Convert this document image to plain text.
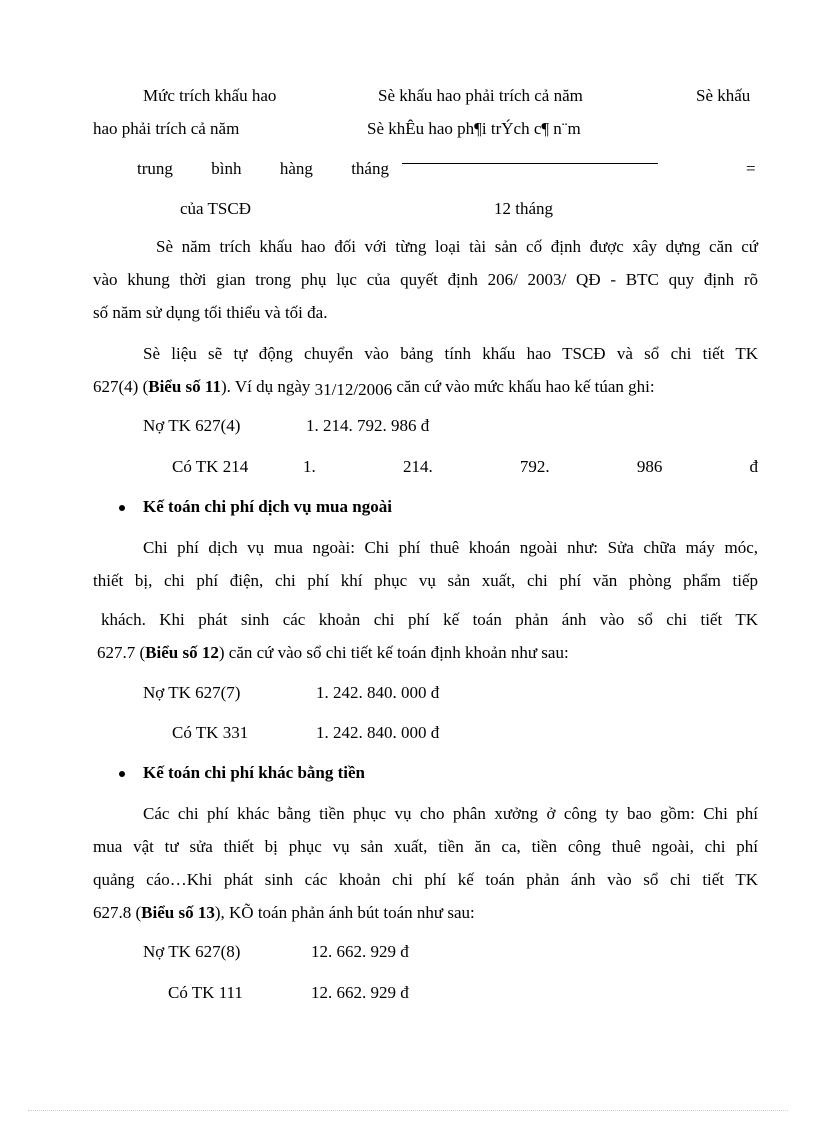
Mức trích khấu hao	Sè khấu hao phải trích cả năm	Sè khấu
hao phải trích cả năm	Sè khÊu hao ph¶i trÝch c¶ n¨m
trung bình hàng tháng	=
của TSCĐ	12 tháng
Sè năm trích khấu hao đối với từng loại tài sản cố định được xây dựng căn cứ
vào khung thời gian trong phụ lục của quyết định 206/ 2003/ QĐ - BTC quy định rõ
số năm sử dụng tối thiểu và tối đa.
Sè liệu sẽ tự động chuyển vào bảng tính khấu hao TSCĐ và sổ chi tiết TK
627(4) (Biểu số 11). Ví dụ ngày 31/12/2006 căn cứ vào mức khấu hao kế túan ghi:
Nợ TK 627(4)	1. 214. 792. 986 đ
Có TK 214	1.	214.	792.	986	đ
Kế toán chi phí dịch vụ mua ngoài
Chi phí dịch vụ mua ngoài: Chi phí thuê khoán ngoài như: Sửa chữa máy móc,
thiết bị, chi phí điện, chi phí khí phục vụ sản xuất, chi phí văn phòng phẩm tiếp
khách. Khi phát sinh các khoản chi phí kế toán phản ánh vào sổ chi tiết TK
627.7 (Biểu số 12) căn cứ vào sổ chi tiết kế toán định khoản như sau:
Nợ TK 627(7)	1. 242. 840. 000 đ
Có TK 331	1. 242. 840. 000 đ
Kế toán chi phí khác bằng tiền
Các chi phí khác bằng tiền phục vụ cho phân xưởng ở công ty bao gồm: Chi phí
mua vật tư sửa thiết bị phục vụ sản xuất, tiền ăn ca, tiền công thuê ngoài, chi phí
quảng cáo…Khi phát sinh các khoản chi phí kế toán phản ánh vào sổ chi tiết TK
627.8 (Biểu số 13), KÕ toán phản ánh bút toán như sau:
Nợ TK 627(8)	12. 662. 929 đ
Có TK 111	12. 662. 929 đ
